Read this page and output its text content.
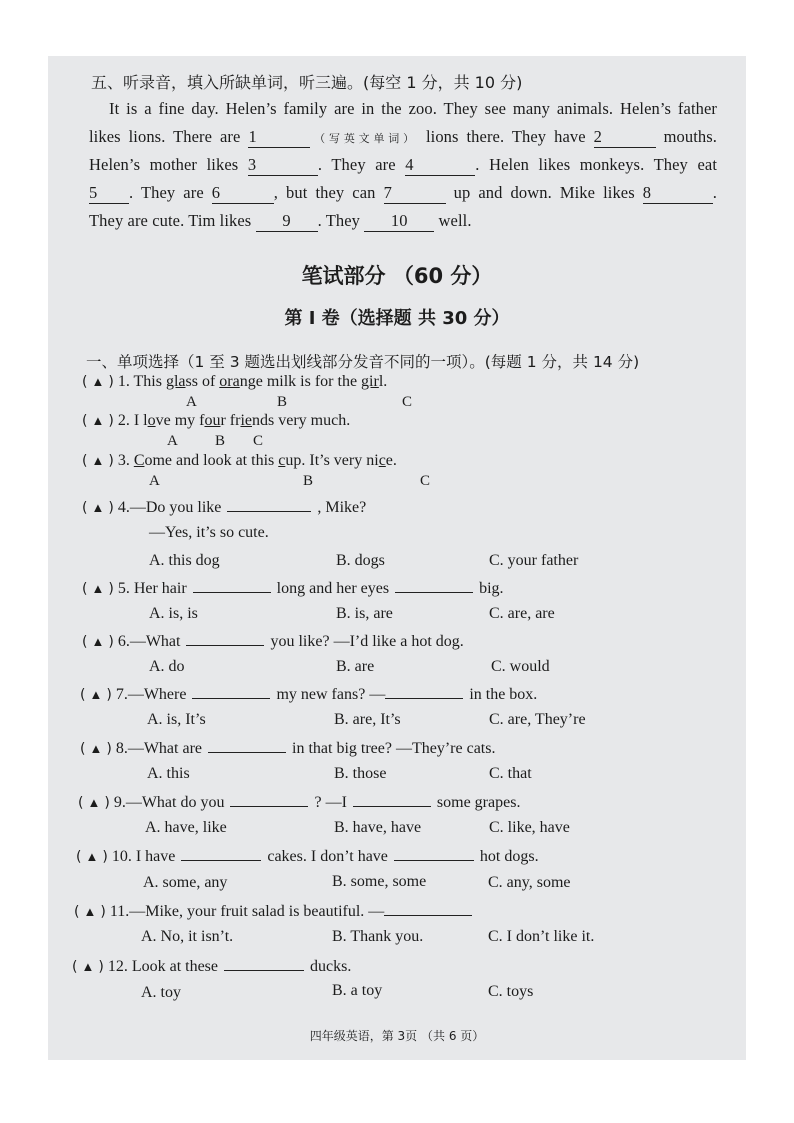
五、听录音，填入所缺单词，听三遍。(每空 1 分，共 10 分)
It is a fine day. Helen’s family are in the zoo. They see many animals. Helen’s father
likes lions. There are 1	（写英文单词） lions there. They have 2	mouths.
Helen’s mother likes 3	. They are 4	. Helen likes monkeys. They eat
5 . They are 6	, but they can 7	up and down. Mike likes 8	.
They are cute. Tim likes 9 . They 10 well.
笔试部分 （60 分）
第 I 卷（选择题 共 30 分）
一、单项选择（1 至 3 题选出划线部分发音不同的一项）。(每题 1 分，共 14 分)
( ▲ ) 1. This glass of orange milk is for the girl.
A	B	C
( ▲ ) 2. I love my four friends very much.
A B C
( ▲ ) 3. Come and look at this cup. It’s very nice.
A	B	C
( ▲ ) 4.—Do you like	, Mike?
—Yes, it’s so cute.
A. this dog	B. dogs	C. your father
( ▲ ) 5. Her hair	long and her eyes	big.
A. is, is	B. is, are	C. are, are
( ▲ ) 6.—What	you like? —I’d like a hot dog.
A. do	B. are	C. would
( ▲ ) 7.—Where	my new fans? —	in the box.
A. is, It’s	B. are, It’s	C. are, They’re
( ▲ ) 8.—What are	in that big tree? —They’re cats.
A. this	B. those	C. that
( ▲ ) 9.—What do you	? —I	some grapes.
A. have, like	B. have, have	C. like, have
( ▲ ) 10. I have	cakes. I don’t have	hot dogs.
A. some, any	B. some, some	C. any, some
( ▲ ) 11.—Mike, your fruit salad is beautiful. —
A. No, it isn’t.	B. Thank you.	C. I don’t like it.
( ▲ ) 12. Look at these	ducks.
A. toy	B. a toy	C. toys
四年级英语，第 3页 （共 6 页）
